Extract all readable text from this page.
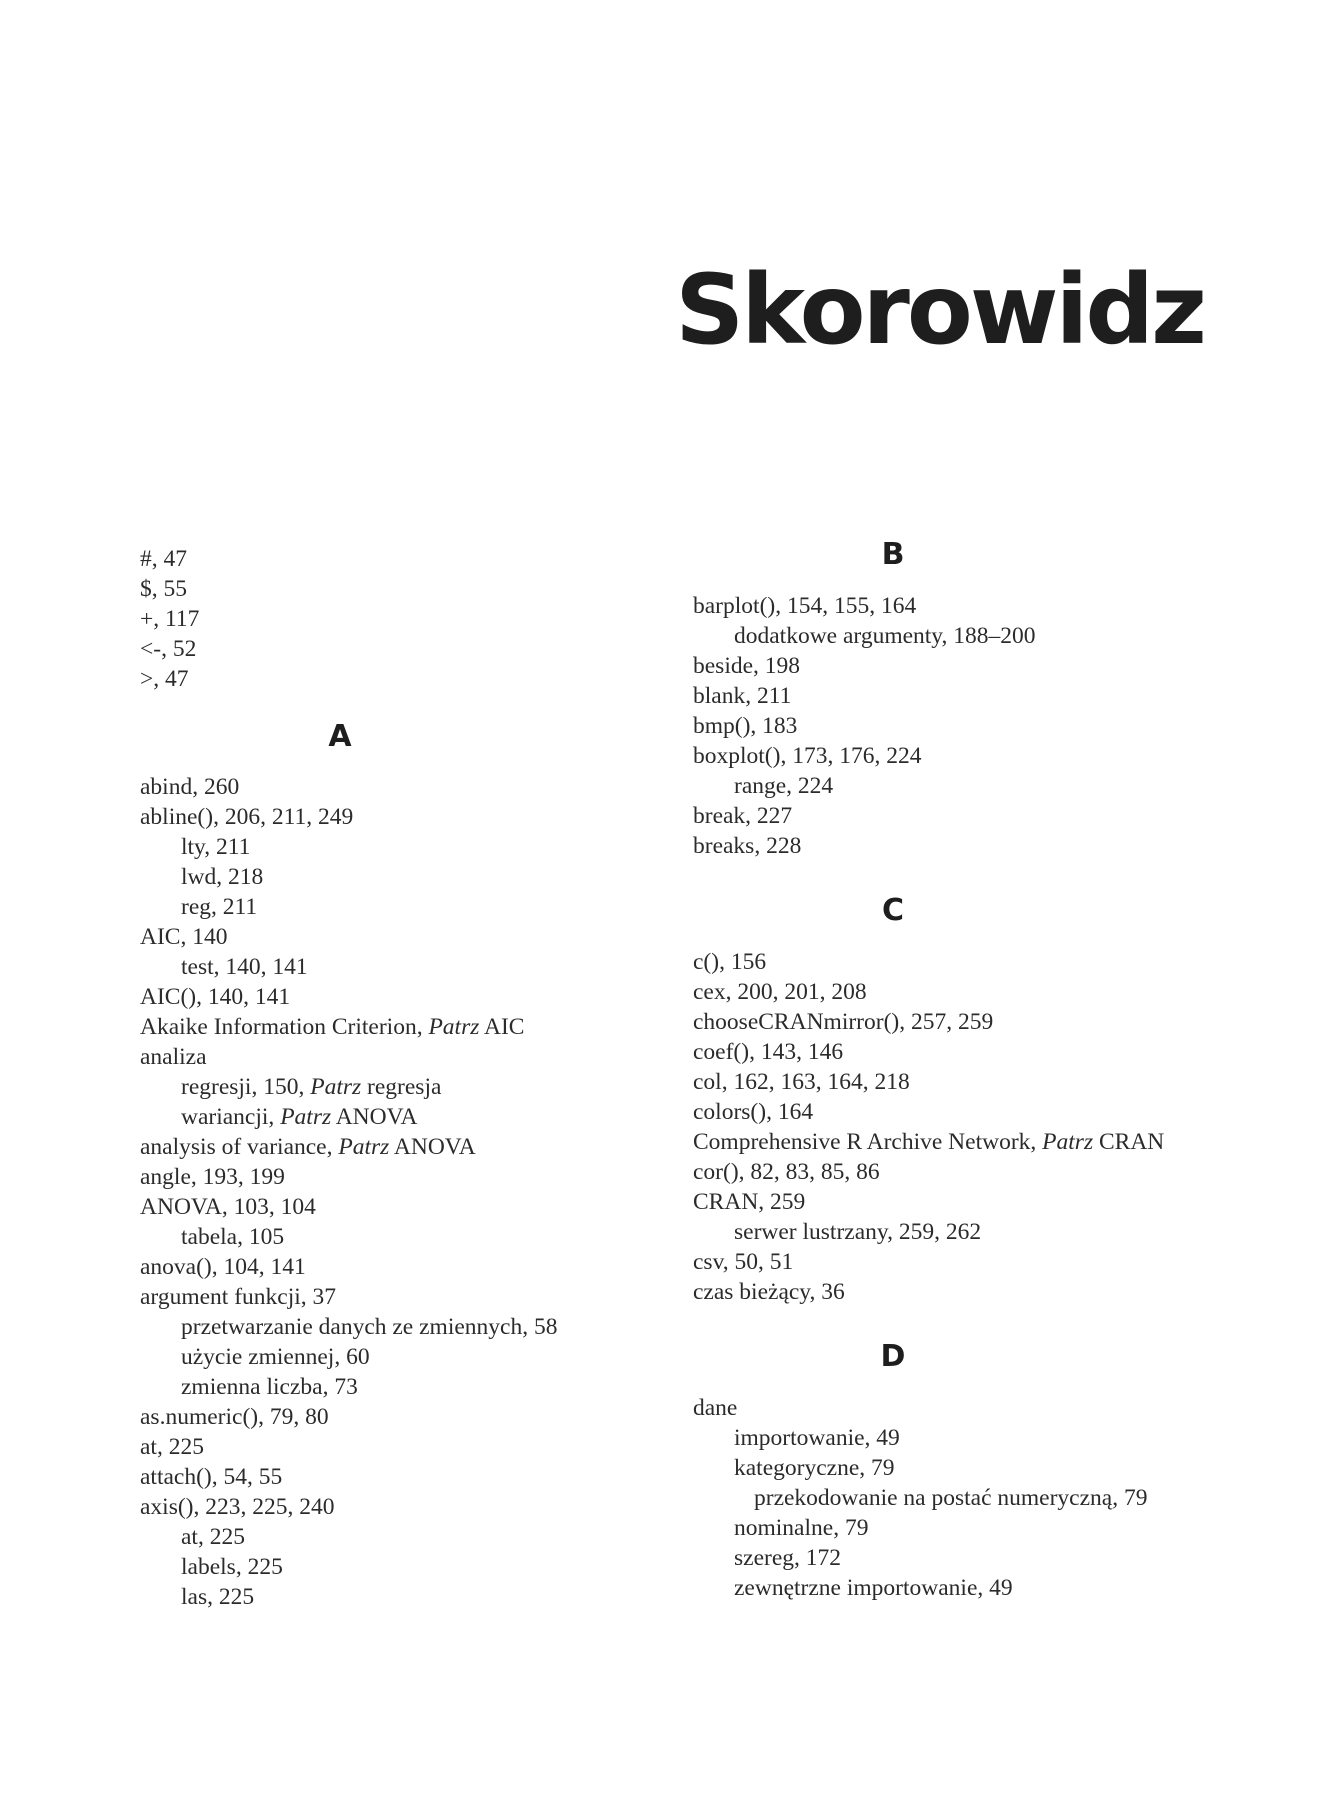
Skorowidz
#, 47
$, 55
+, 117
<-, 52
>, 47
A
abind, 260
abline(), 206, 211, 249
lty, 211
lwd, 218
reg, 211
AIC, 140
test, 140, 141
AIC(), 140, 141
Akaike Information Criterion, Patrz AIC
analiza
regresji, 150, Patrz regresja
wariancji, Patrz ANOVA
analysis of variance, Patrz ANOVA
angle, 193, 199
ANOVA, 103, 104
tabela, 105
anova(), 104, 141
argument funkcji, 37
przetwarzanie danych ze zmiennych, 58
użycie zmiennej, 60
zmienna liczba, 73
as.numeric(), 79, 80
at, 225
attach(), 54, 55
axis(), 223, 225, 240
at, 225
labels, 225
las, 225
B
barplot(), 154, 155, 164
dodatkowe argumenty, 188–200
beside, 198
blank, 211
bmp(), 183
boxplot(), 173, 176, 224
range, 224
break, 227
breaks, 228
C
c(), 156
cex, 200, 201, 208
chooseCRANmirror(), 257, 259
coef(), 143, 146
col, 162, 163, 164, 218
colors(), 164
Comprehensive R Archive Network, Patrz CRAN
cor(), 82, 83, 85, 86
CRAN, 259
serwer lustrzany, 259, 262
csv, 50, 51
czas bieżący, 36
D
dane
importowanie, 49
kategoryczne, 79
przekodowanie na postać numeryczną, 79
nominalne, 79
szereg, 172
zewnętrzne importowanie, 49
